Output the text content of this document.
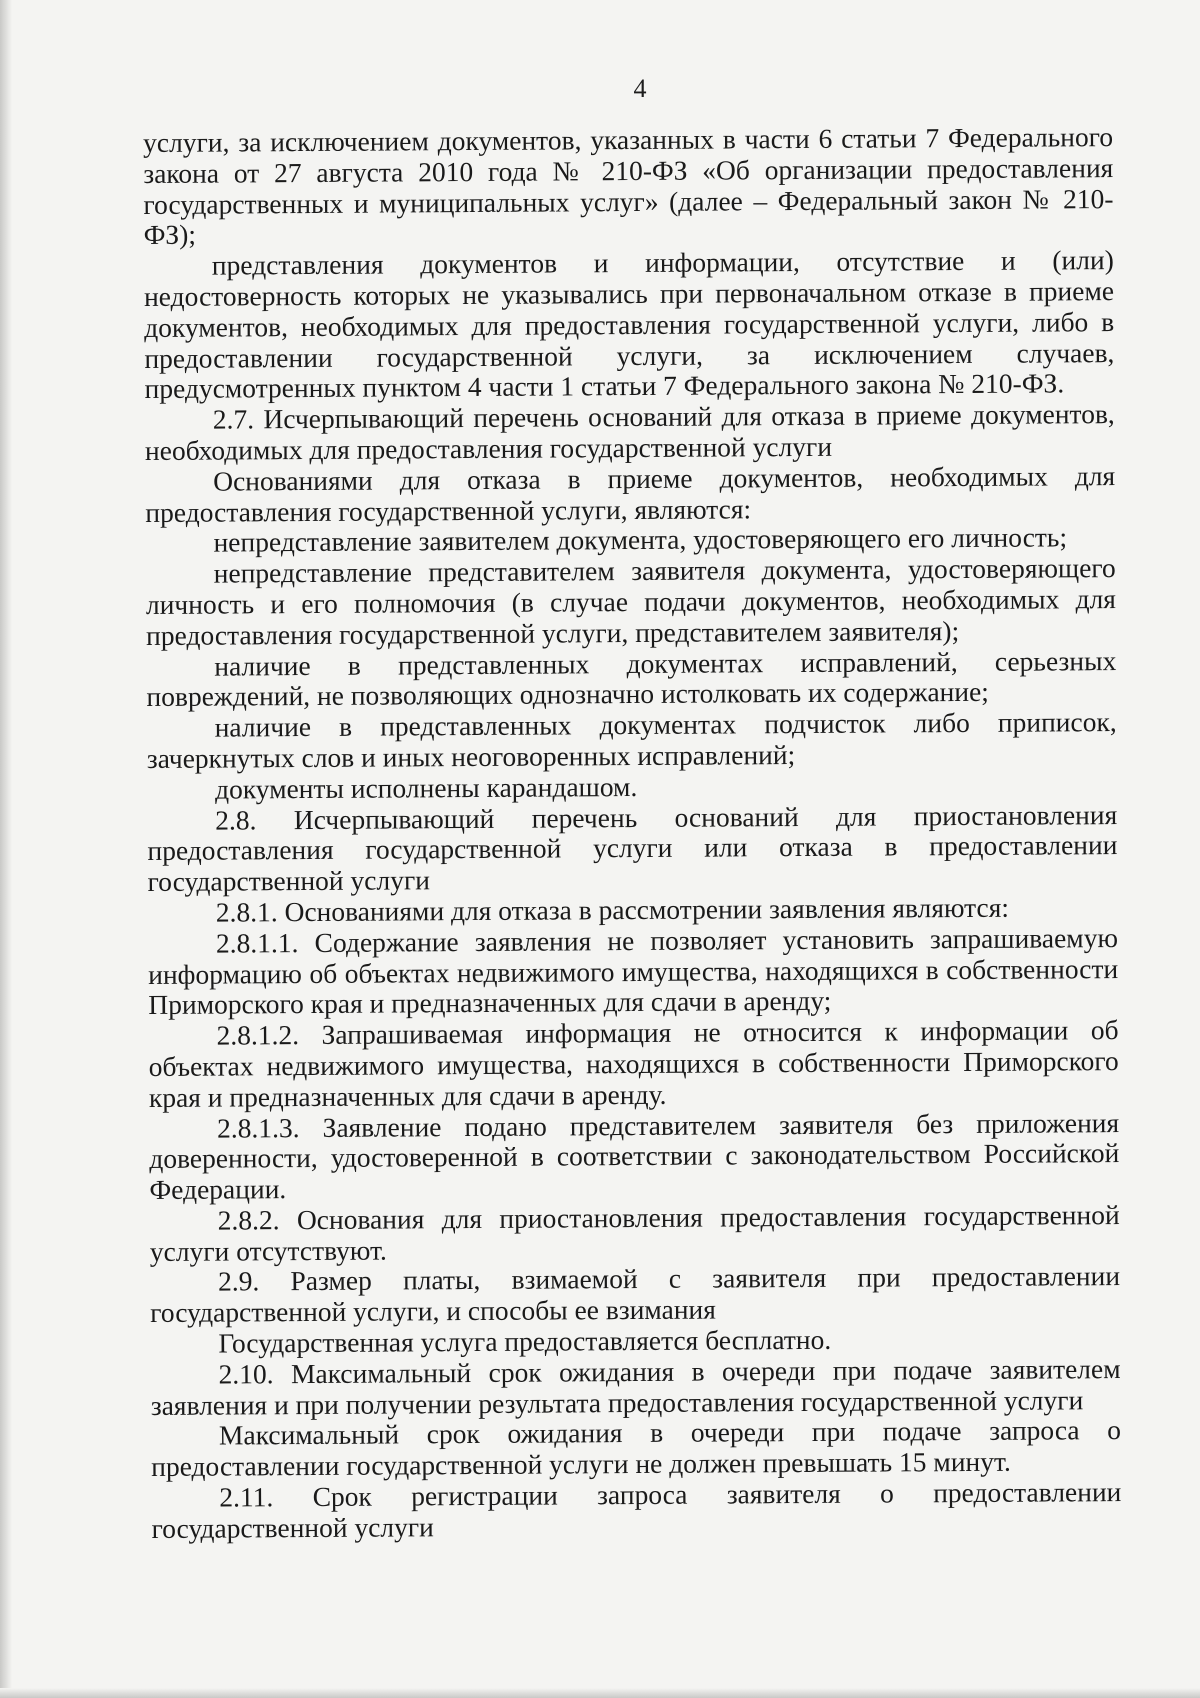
4

услуги, за исключением документов, указанных в части 6 статьи 7 Федерального закона от 27 августа 2010 года № 210-ФЗ «Об организации предоставления государственных и муниципальных услуг» (далее – Федеральный закон № 210-ФЗ);

представления документов и информации, отсутствие и (или) недостоверность которых не указывались при первоначальном отказе в приеме документов, необходимых для предоставления государственной услуги, либо в предоставлении государственной услуги, за исключением случаев, предусмотренных пунктом 4 части 1 статьи 7 Федерального закона № 210-ФЗ.

2.7. Исчерпывающий перечень оснований для отказа в приеме документов, необходимых для предоставления государственной услуги

Основаниями для отказа в приеме документов, необходимых для предоставления государственной услуги, являются:

непредставление заявителем документа, удостоверяющего его личность;

непредставление представителем заявителя документа, удостоверяющего личность и его полномочия (в случае подачи документов, необходимых для предоставления государственной услуги, представителем заявителя);

наличие в представленных документах исправлений, серьезных повреждений, не позволяющих однозначно истолковать их содержание;

наличие в представленных документах подчисток либо приписок, зачеркнутых слов и иных неоговоренных исправлений;

документы исполнены карандашом.

2.8. Исчерпывающий перечень оснований для приостановления предоставления государственной услуги или отказа в предоставлении государственной услуги

2.8.1. Основаниями для отказа в рассмотрении заявления являются:

2.8.1.1. Содержание заявления не позволяет установить запрашиваемую информацию об объектах недвижимого имущества, находящихся в собственности Приморского края и предназначенных для сдачи в аренду;

2.8.1.2. Запрашиваемая информация не относится к информации об объектах недвижимого имущества, находящихся в собственности Приморского края и предназначенных для сдачи в аренду.

2.8.1.3. Заявление подано представителем заявителя без приложения доверенности, удостоверенной в соответствии с законодательством Российской Федерации.

2.8.2. Основания для приостановления предоставления государственной услуги отсутствуют.

2.9. Размер платы, взимаемой с заявителя при предоставлении государственной услуги, и способы ее взимания

Государственная услуга предоставляется бесплатно.

2.10. Максимальный срок ожидания в очереди при подаче заявителем заявления и при получении результата предоставления государственной услуги

Максимальный срок ожидания в очереди при подаче запроса о предоставлении государственной услуги не должен превышать 15 минут.

2.11. Срок регистрации запроса заявителя о предоставлении государственной услуги
